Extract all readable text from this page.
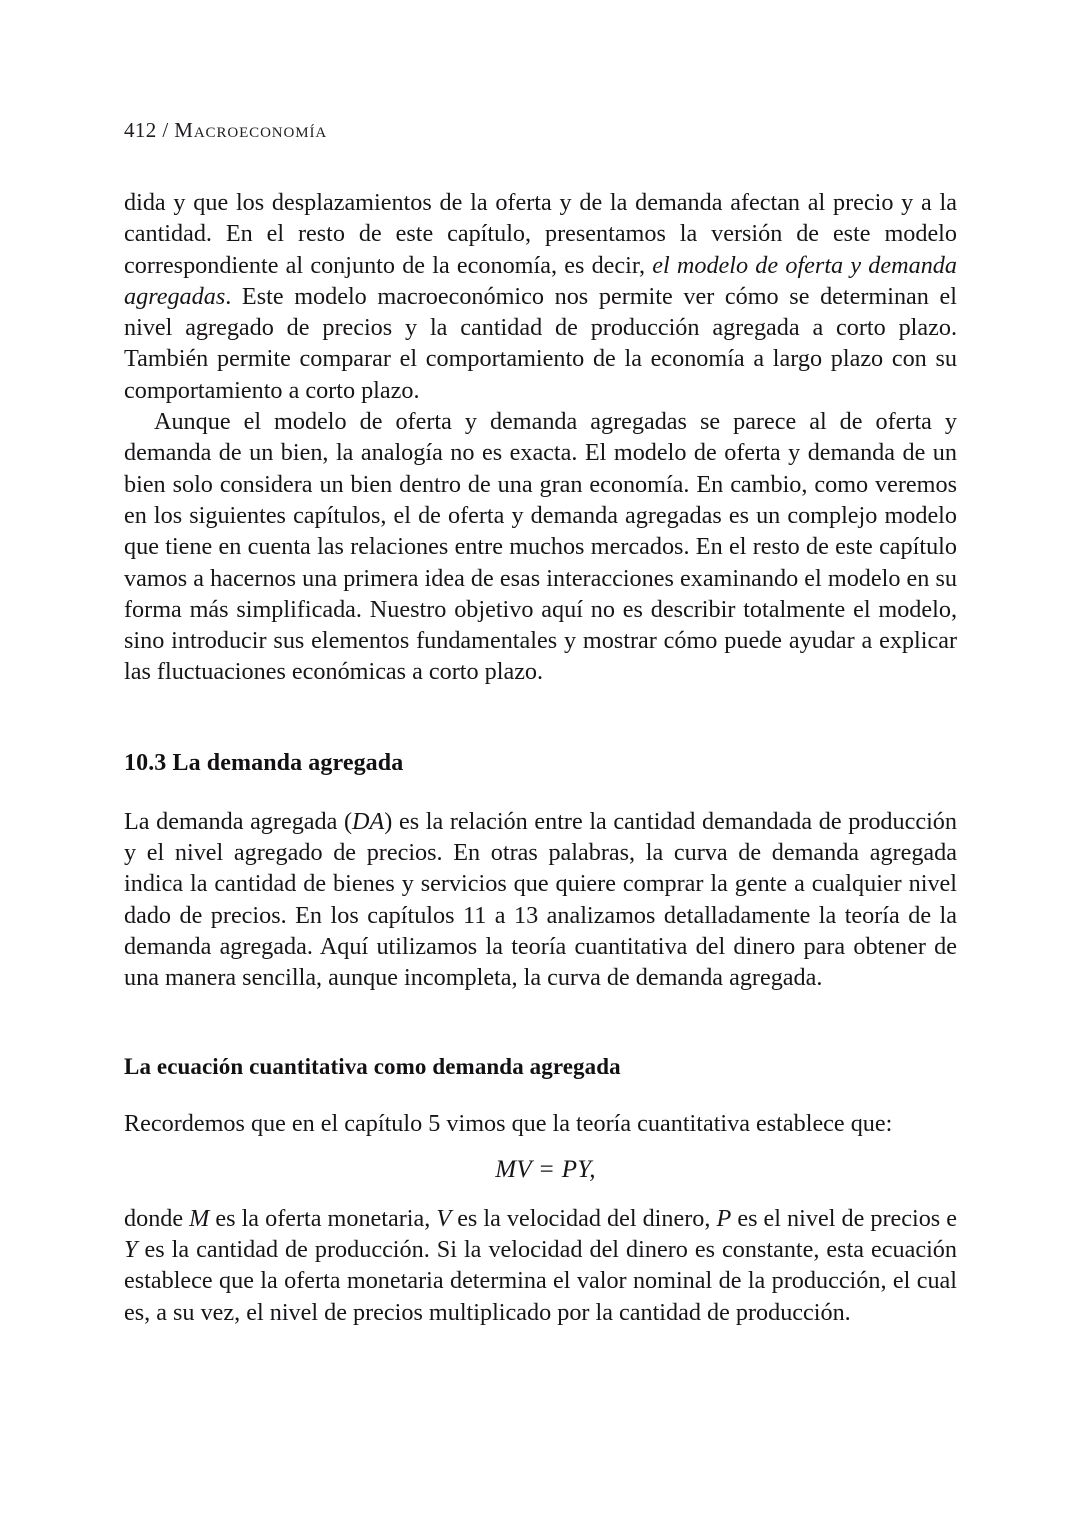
412 / Macroeconomía

dida y que los desplazamientos de la oferta y de la demanda afectan al precio y a la cantidad. En el resto de este capítulo, presentamos la versión de este modelo correspondiente al conjunto de la economía, es decir, el modelo de oferta y demanda agregadas. Este modelo macroeconómico nos permite ver cómo se determinan el nivel agregado de precios y la cantidad de producción agregada a corto plazo. También permite comparar el comportamiento de la economía a largo plazo con su comportamiento a corto plazo.

Aunque el modelo de oferta y demanda agregadas se parece al de oferta y demanda de un bien, la analogía no es exacta. El modelo de oferta y demanda de un bien solo considera un bien dentro de una gran economía. En cambio, como veremos en los siguientes capítulos, el de oferta y demanda agregadas es un complejo modelo que tiene en cuenta las relaciones entre muchos mercados. En el resto de este capítulo vamos a hacernos una primera idea de esas interacciones examinando el modelo en su forma más simplificada. Nuestro objetivo aquí no es describir totalmente el modelo, sino introducir sus elementos fundamentales y mostrar cómo puede ayudar a explicar las fluctuaciones económicas a corto plazo.

10.3 La demanda agregada

La demanda agregada (DA) es la relación entre la cantidad demandada de producción y el nivel agregado de precios. En otras palabras, la curva de demanda agregada indica la cantidad de bienes y servicios que quiere comprar la gente a cualquier nivel dado de precios. En los capítulos 11 a 13 analizamos detalladamente la teoría de la demanda agregada. Aquí utilizamos la teoría cuantitativa del dinero para obtener de una manera sencilla, aunque incompleta, la curva de demanda agregada.

La ecuación cuantitativa como demanda agregada

Recordemos que en el capítulo 5 vimos que la teoría cuantitativa establece que:

MV = PY,

donde M es la oferta monetaria, V es la velocidad del dinero, P es el nivel de precios e Y es la cantidad de producción. Si la velocidad del dinero es constante, esta ecuación establece que la oferta monetaria determina el valor nominal de la producción, el cual es, a su vez, el nivel de precios multiplicado por la cantidad de producción.
